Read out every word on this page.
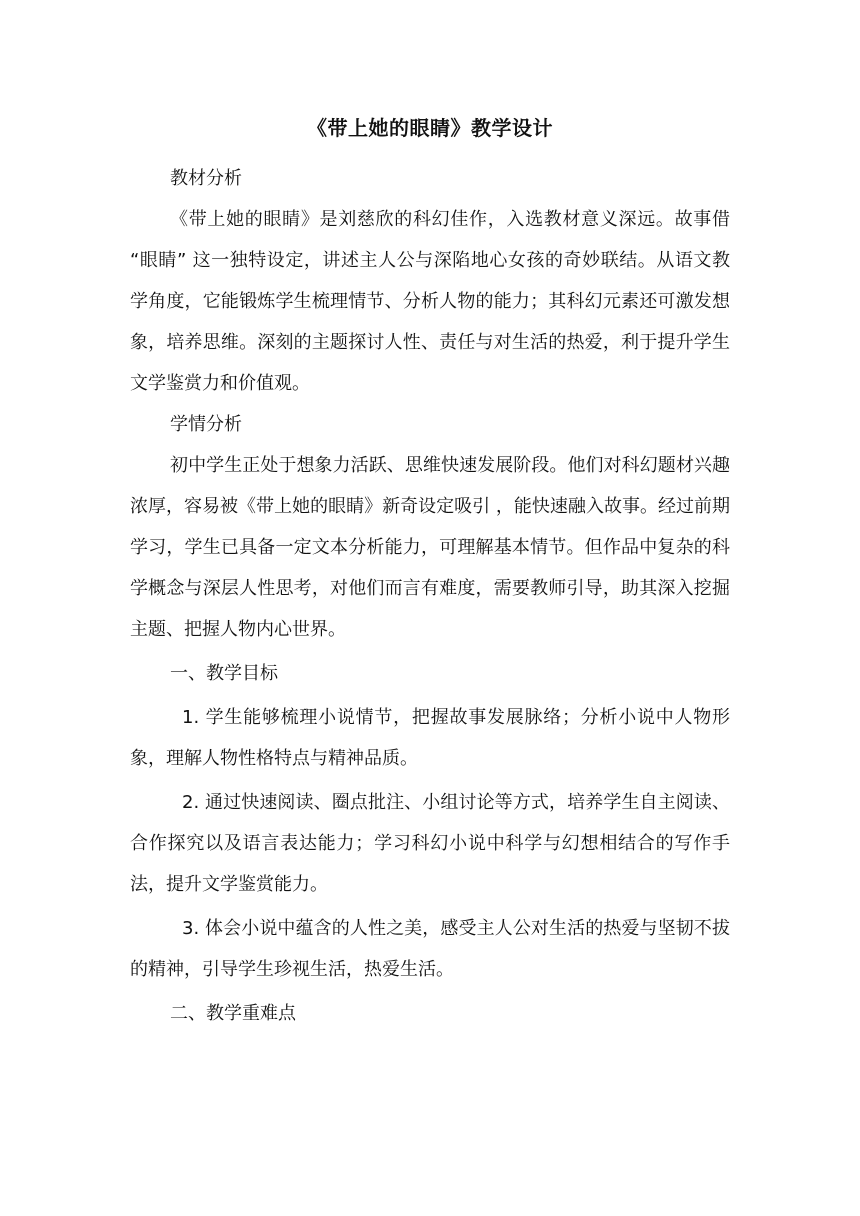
《带上她的眼睛》教学设计

教材分析

《带上她的眼睛》是刘慈欣的科幻佳作，入选教材意义深远。故事借 “眼睛” 这一独特设定，讲述主人公与深陷地心女孩的奇妙联结。从语文教学角度，它能锻炼学生梳理情节、分析人物的能力；其科幻元素还可激发想象，培养思维。深刻的主题探讨人性、责任与对生活的热爱，利于提升学生文学鉴赏力和价值观。

学情分析

初中学生正处于想象力活跃、思维快速发展阶段。他们对科幻题材兴趣浓厚，容易被《带上她的眼睛》新奇设定吸引 ，能快速融入故事。经过前期学习，学生已具备一定文本分析能力，可理解基本情节。但作品中复杂的科学概念与深层人性思考，对他们而言有难度，需要教师引导，助其深入挖掘主题、把握人物内心世界。

一、教学目标

1. 学生能够梳理小说情节，把握故事发展脉络；分析小说中人物形象，理解人物性格特点与精神品质。

2. 通过快速阅读、圈点批注、小组讨论等方式，培养学生自主阅读、合作探究以及语言表达能力；学习科幻小说中科学与幻想相结合的写作手法，提升文学鉴赏能力。

3. 体会小说中蕴含的人性之美，感受主人公对生活的热爱与坚韧不拔的精神，引导学生珍视生活，热爱生活。

二、教学重难点
